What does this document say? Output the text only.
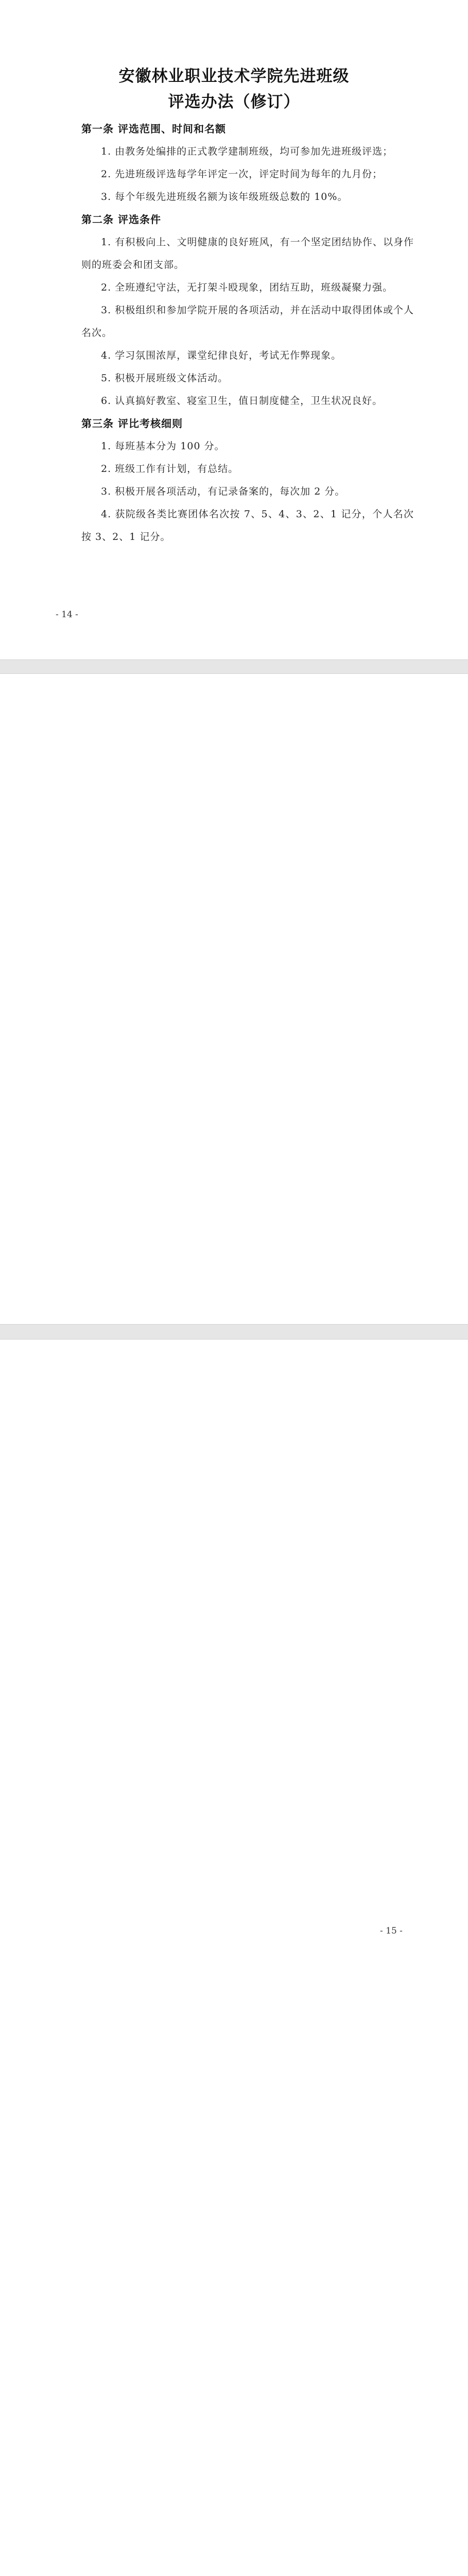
安徽林业职业技术学院先进班级
评选办法（修订）
第一条 评选范围、时间和名额
1. 由教务处编排的正式教学建制班级，均可参加先进班级评选；
2. 先进班级评选每学年评定一次，评定时间为每年的九月份；
3. 每个年级先进班级名额为该年级班级总数的 10%。
第二条 评选条件
1. 有积极向上、文明健康的良好班风，有一个坚定团结协作、以身作则的班委会和团支部。
2. 全班遵纪守法，无打架斗殴现象，团结互助，班级凝聚力强。
3. 积极组织和参加学院开展的各项活动，并在活动中取得团体或个人名次。
4. 学习氛围浓厚，课堂纪律良好，考试无作弊现象。
5. 积极开展班级文体活动。
6. 认真搞好教室、寝室卫生，值日制度健全，卫生状况良好。
第三条 评比考核细则
1. 每班基本分为 100 分。
2. 班级工作有计划，有总结。
3. 积极开展各项活动，有记录备案的，每次加 2 分。
4. 获院级各类比赛团体名次按 7、5、4、3、2、1 记分，个人名次按 3、2、1 记分。
- 14 -
- 15 -
